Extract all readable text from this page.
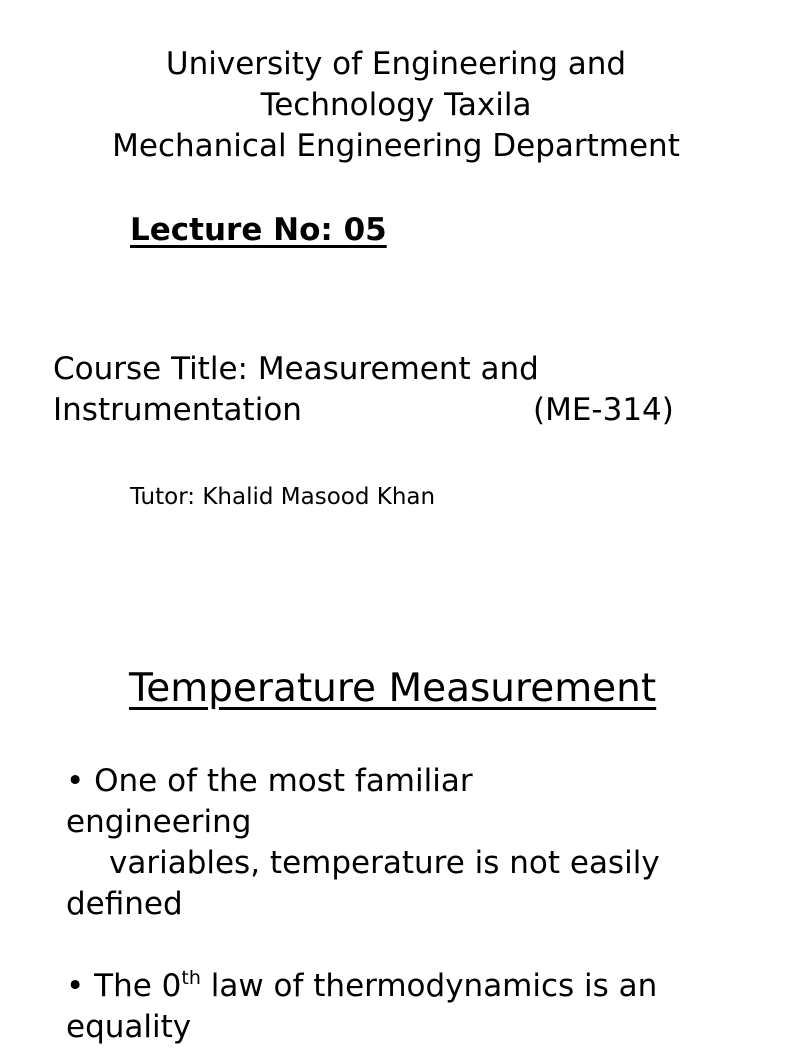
University of Engineering and
Technology Taxila
Mechanical Engineering Department
Lecture No: 05
Course Title: Measurement and
Instrumentation	(ME-314)
Tutor: Khalid Masood Khan
Temperature Measurement
• One of the most familiar
engineering
variables, temperature is not easily
defined
• The 0th law of thermodynamics is an
equality
